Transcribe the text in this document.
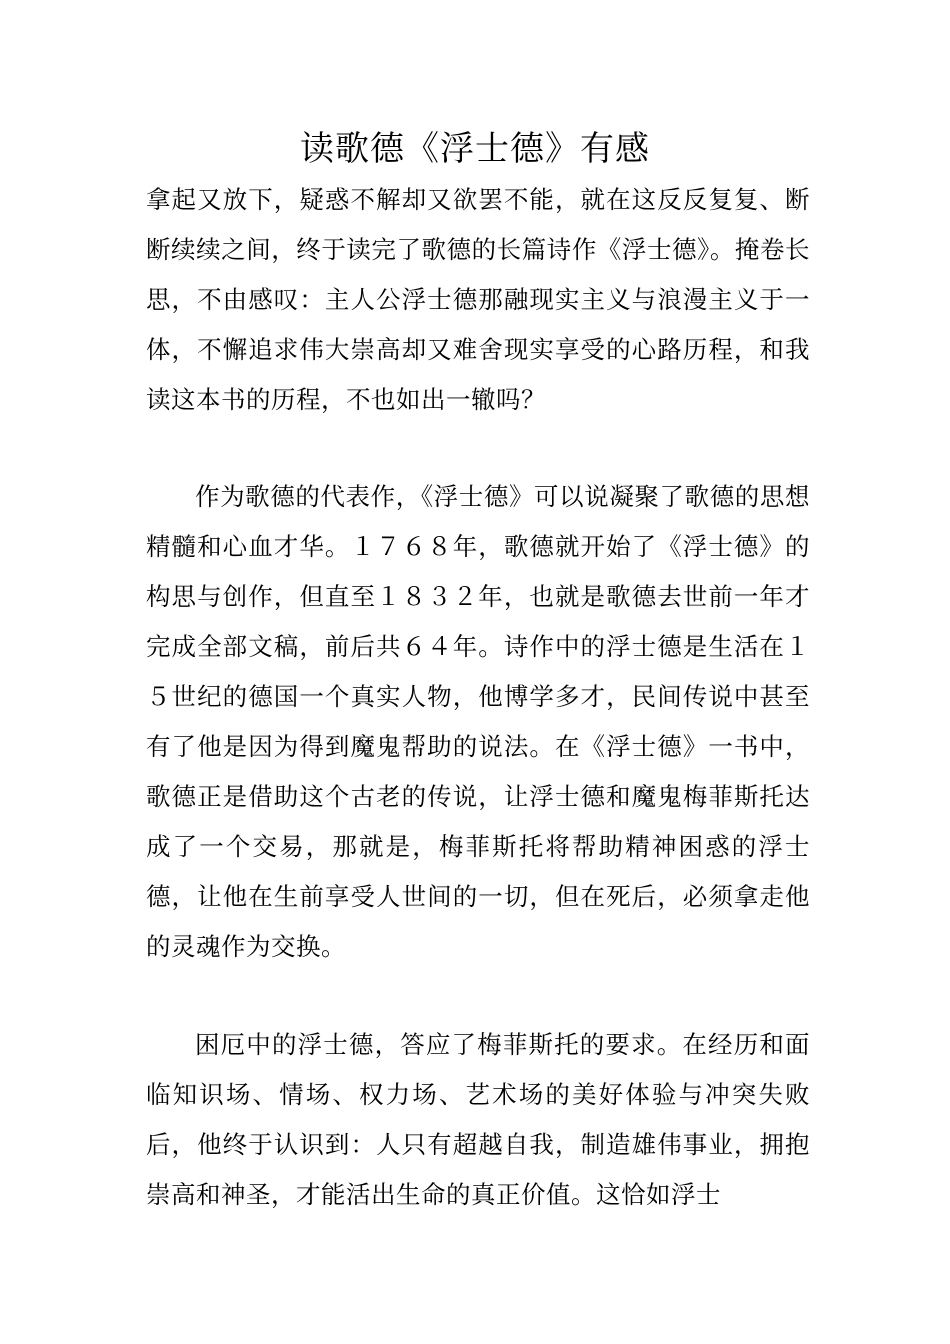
读歌德《浮士德》有感

拿起又放下，疑惑不解却又欲罢不能，就在这反反复复、断断续续之间，终于读完了歌德的长篇诗作《浮士德》。掩卷长思，不由感叹：主人公浮士德那融现实主义与浪漫主义于一体，不懈追求伟大崇高却又难舍现实享受的心路历程，和我读这本书的历程，不也如出一辙吗？

作为歌德的代表作，《浮士德》可以说凝聚了歌德的思想精髓和心血才华。１７６８年，歌德就开始了《浮士德》的构思与创作，但直至１８３２年，也就是歌德去世前一年才完成全部文稿，前后共６４年。诗作中的浮士德是生活在１５世纪的德国一个真实人物，他博学多才，民间传说中甚至有了他是因为得到魔鬼帮助的说法。在《浮士德》一书中，歌德正是借助这个古老的传说，让浮士德和魔鬼梅菲斯托达成了一个交易，那就是，梅菲斯托将帮助精神困惑的浮士德，让他在生前享受人世间的一切，但在死后，必须拿走他的灵魂作为交换。

困厄中的浮士德，答应了梅菲斯托的要求。在经历和面临知识场、情场、权力场、艺术场的美好体验与冲突失败后，他终于认识到：人只有超越自我，制造雄伟事业，拥抱崇高和神圣，才能活出生命的真正价值。这恰如浮士
